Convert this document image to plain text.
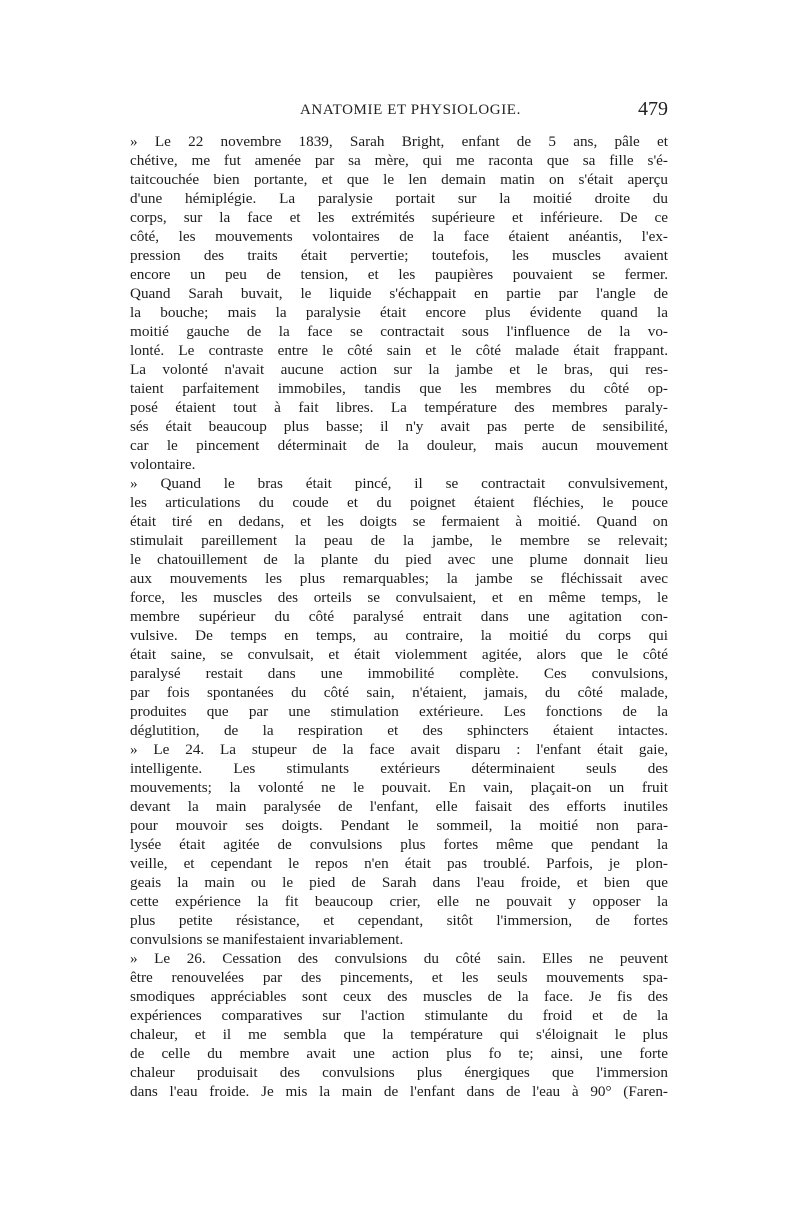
ANATOMIE ET PHYSIOLOGIE.	479
» Le 22 novembre 1839, Sarah Bright, enfant de 5 ans, pâle et
chétive, me fut amenée par sa mère, qui me raconta que sa fille s'é-
taitcouchée bien portante, et que le len demain matin on s'était aperçu
d'une hémiplégie. La paralysie portait sur la moitié droite du
corps, sur la face et les extrémités supérieure et inférieure. De ce
côté, les mouvements volontaires de la face étaient anéantis, l'ex-
pression des traits était pervertie; toutefois, les muscles avaient
encore un peu de tension, et les paupières pouvaient se fermer.
Quand Sarah buvait, le liquide s'échappait en partie par l'angle de
la bouche; mais la paralysie était encore plus évidente quand la
moitié gauche de la face se contractait sous l'influence de la vo-
lonté. Le contraste entre le côté sain et le côté malade était frappant.
La volonté n'avait aucune action sur la jambe et le bras, qui res-
taient parfaitement immobiles, tandis que les membres du côté op-
posé étaient tout à fait libres. La température des membres paraly-
sés était beaucoup plus basse; il n'y avait pas perte de sensibilité,
car le pincement déterminait de la douleur, mais aucun mouvement
volontaire.
» Quand le bras était pincé, il se contractait convulsivement,
les articulations du coude et du poignet étaient fléchies, le pouce
était tiré en dedans, et les doigts se fermaient à moitié. Quand on
stimulait pareillement la peau de la jambe, le membre se relevait;
le chatouillement de la plante du pied avec une plume donnait lieu
aux mouvements les plus remarquables; la jambe se fléchissait avec
force, les muscles des orteils se convulsaient, et en même temps, le
membre supérieur du côté paralysé entrait dans une agitation con-
vulsive. De temps en temps, au contraire, la moitié du corps qui
était saine, se convulsait, et était violemment agitée, alors que le côté
paralysé restait dans une immobilité complète. Ces convulsions,
par fois spontanées du côté sain, n'étaient, jamais, du côté malade,
produites que par une stimulation extérieure. Les fonctions de la
déglutition, de la respiration et des sphincters étaient intactes.
» Le 24. La stupeur de la face avait disparu : l'enfant était gaie,
intelligente. Les stimulants extérieurs déterminaient seuls des
mouvements; la volonté ne le pouvait. En vain, plaçait-on un fruit
devant la main paralysée de l'enfant, elle faisait des efforts inutiles
pour mouvoir ses doigts. Pendant le sommeil, la moitié non para-
lysée était agitée de convulsions plus fortes même que pendant la
veille, et cependant le repos n'en était pas troublé. Parfois, je plon-
geais la main ou le pied de Sarah dans l'eau froide, et bien que
cette expérience la fit beaucoup crier, elle ne pouvait y opposer la
plus petite résistance, et cependant, sitôt l'immersion, de fortes
convulsions se manifestaient invariablement.
» Le 26. Cessation des convulsions du côté sain. Elles ne peuvent
être renouvelées par des pincements, et les seuls mouvements spa-
smodiques appréciables sont ceux des muscles de la face. Je fis des
expériences comparatives sur l'action stimulante du froid et de la
chaleur, et il me sembla que la température qui s'éloignait le plus
de celle du membre avait une action plus fo te; ainsi, une forte
chaleur produisait des convulsions plus énergiques que l'immersion
dans l'eau froide. Je mis la main de l'enfant dans de l'eau à 90° (Faren-
